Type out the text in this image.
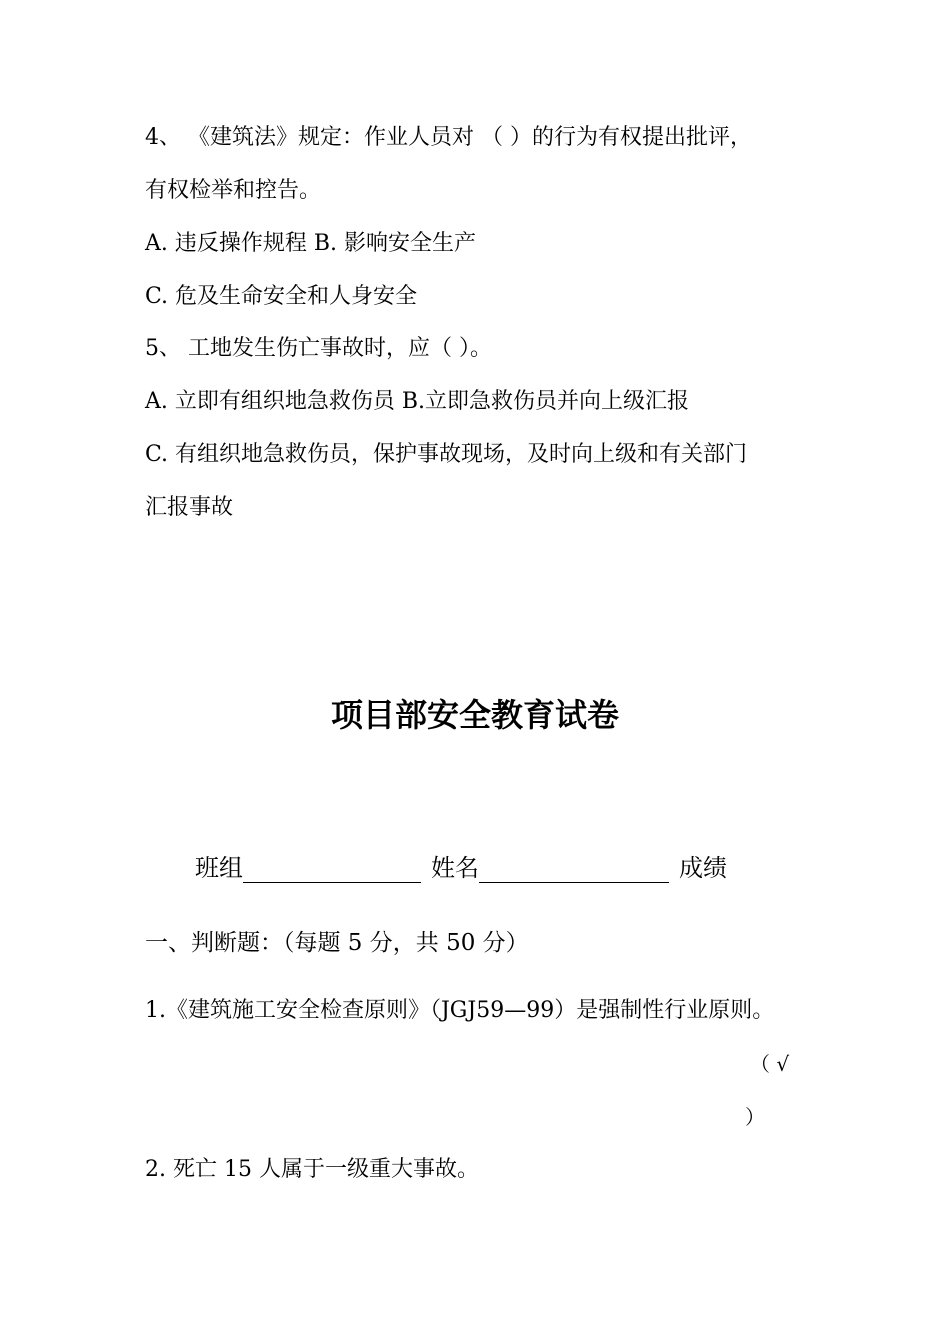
4、 《建筑法》规定：作业人员对 （ ）的行为有权提出批评，
有权检举和控告。
A. 违反操作规程 B. 影响安全生产
C. 危及生命安全和人身安全
5、 工地发生伤亡事故时，应（ ）。
A. 立即有组织地急救伤员 B.立即急救伤员并向上级汇报
C. 有组织地急救伤员，保护事故现场，及时向上级和有关部门
汇报事故
项目部安全教育试卷
班组	姓名	成绩
一、判断题：（每题 5 分，共 50 分）
1.《建筑施工安全检查原则》（JGJ59—99）是强制性行业原则。
（ √
）
2. 死亡 15 人属于一级重大事故。
